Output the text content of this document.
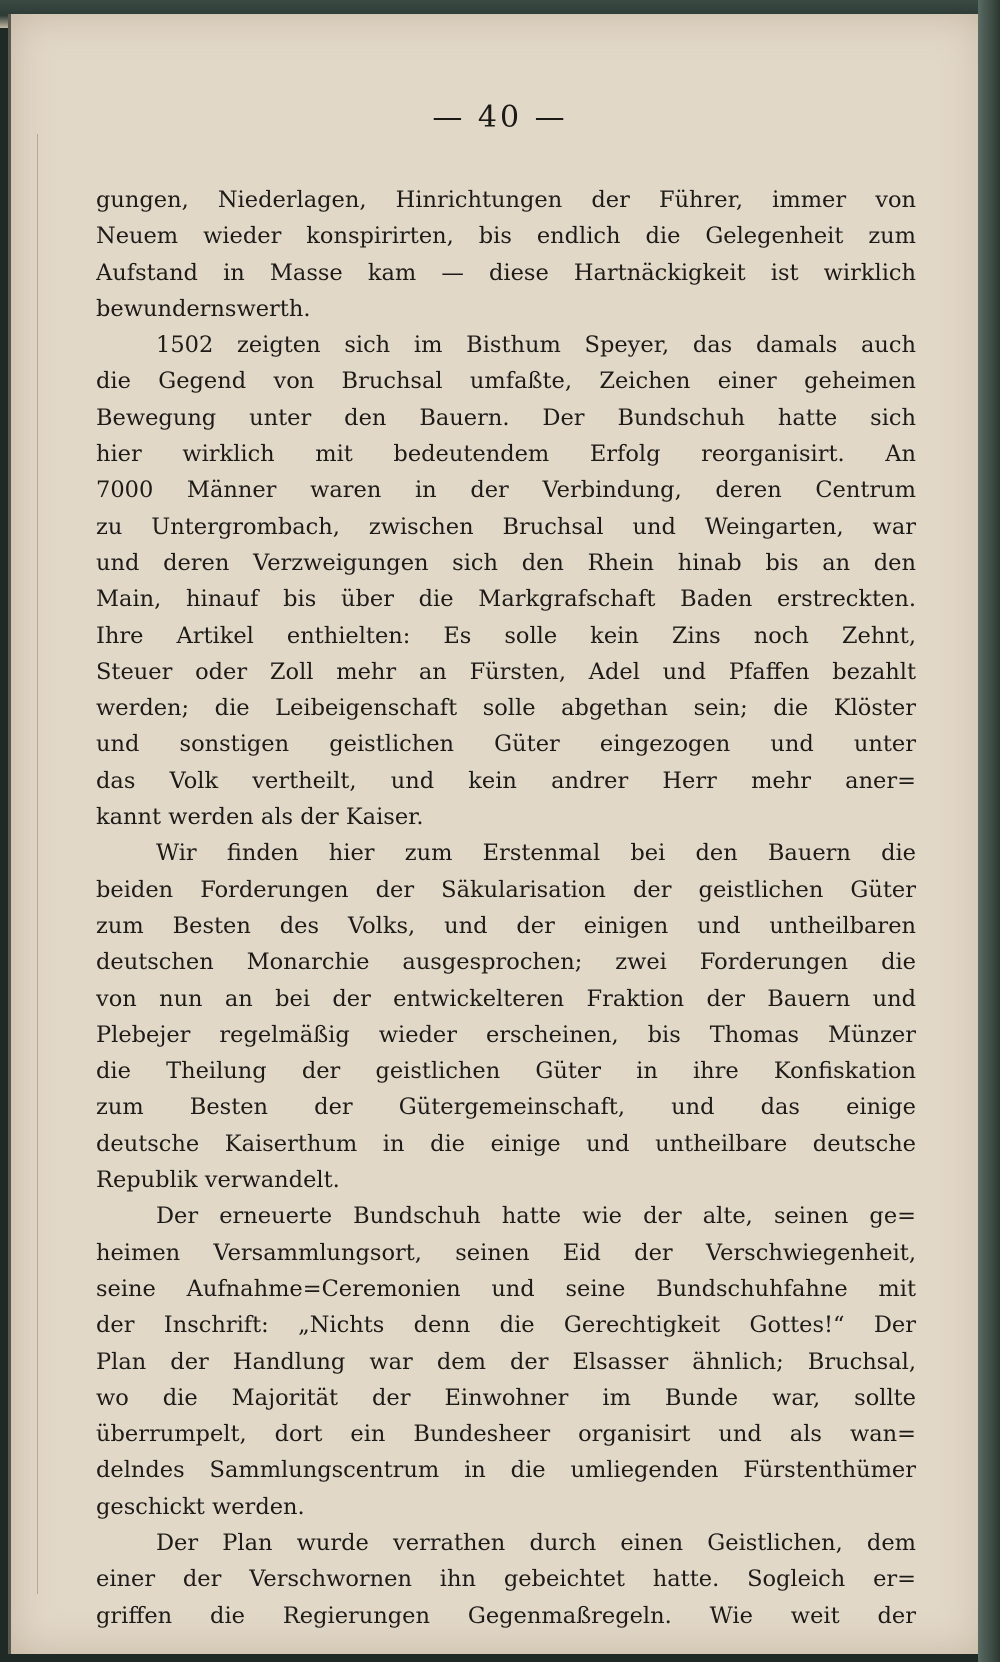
— 40 —
gungen, Niederlagen, Hinrichtungen der Führer, immer von
Neuem wieder konspirirten, bis endlich die Gelegenheit zum
Aufstand in Masse kam — diese Hartnäckigkeit ist wirklich
bewundernswerth.
1502 zeigten sich im Bisthum Speyer, das damals auch
die Gegend von Bruchsal umfaßte, Zeichen einer geheimen
Bewegung unter den Bauern. Der Bundschuh hatte sich
hier wirklich mit bedeutendem Erfolg reorganisirt. An
7000 Männer waren in der Verbindung, deren Centrum
zu Untergrombach, zwischen Bruchsal und Weingarten, war
und deren Verzweigungen sich den Rhein hinab bis an den
Main, hinauf bis über die Markgrafschaft Baden erstreckten.
Ihre Artikel enthielten: Es solle kein Zins noch Zehnt,
Steuer oder Zoll mehr an Fürsten, Adel und Pfaffen bezahlt
werden; die Leibeigenschaft solle abgethan sein; die Klöster
und sonstigen geistlichen Güter eingezogen und unter
das Volk vertheilt, und kein andrer Herr mehr aner=
kannt werden als der Kaiser.
Wir finden hier zum Erstenmal bei den Bauern die
beiden Forderungen der Säkularisation der geistlichen Güter
zum Besten des Volks, und der einigen und untheilbaren
deutschen Monarchie ausgesprochen; zwei Forderungen die
von nun an bei der entwickelteren Fraktion der Bauern und
Plebejer regelmäßig wieder erscheinen, bis Thomas Münzer
die Theilung der geistlichen Güter in ihre Konfiskation
zum Besten der Gütergemeinschaft, und das einige
deutsche Kaiserthum in die einige und untheilbare deutsche
Republik verwandelt.
Der erneuerte Bundschuh hatte wie der alte, seinen ge=
heimen Versammlungsort, seinen Eid der Verschwiegenheit,
seine Aufnahme=Ceremonien und seine Bundschuhfahne mit
der Inschrift: „Nichts denn die Gerechtigkeit Gottes!“ Der
Plan der Handlung war dem der Elsasser ähnlich; Bruchsal,
wo die Majorität der Einwohner im Bunde war, sollte
überrumpelt, dort ein Bundesheer organisirt und als wan=
delndes Sammlungscentrum in die umliegenden Fürstenthümer
geschickt werden.
Der Plan wurde verrathen durch einen Geistlichen, dem
einer der Verschwornen ihn gebeichtet hatte. Sogleich er=
griffen die Regierungen Gegenmaßregeln. Wie weit der
